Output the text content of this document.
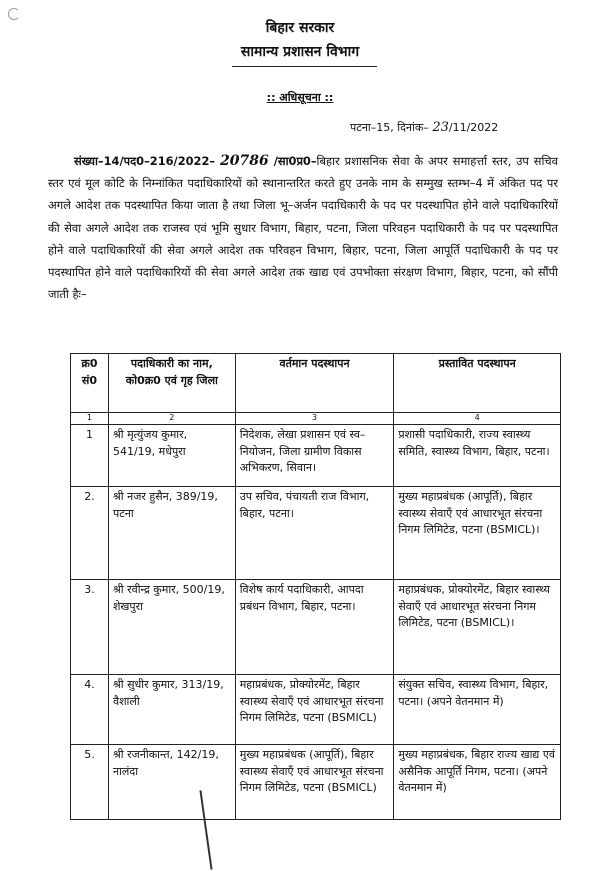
बिहार सरकार
सामान्य प्रशासन विभाग
:: अधिसूचना ::
पटना–15, दिनांक– 23/11/2022
संख्या–14/पद0–216/2022– 20786 /सा0प्र0–बिहार प्रशासनिक सेवा के अपर समाहर्त्ता स्तर, उप सचिव स्तर एवं मूल कोटि के निम्नांकित पदाधिकारियों को स्थानान्तरित करते हुए उनके नाम के सम्मुख स्तम्भ–4 में अंकित पद पर अगले आदेश तक पदस्थापित किया जाता है तथा जिला भू–अर्जन पदाधिकारी के पद पर पदस्थापित होने वाले पदाधिकारियों की सेवा अगले आदेश तक राजस्व एवं भूमि सुधार विभाग, बिहार, पटना, जिला परिवहन पदाधिकारी के पद पर पदस्थापित होने वाले पदाधिकारियों की सेवा अगले आदेश तक परिवहन विभाग, बिहार, पटना, जिला आपूर्ति पदाधिकारी के पद पर पदस्थापित होने वाले पदाधिकारियों की सेवा अगले आदेश तक खाद्य एवं उपभोक्ता संरक्षण विभाग, बिहार, पटना, को सौंपी जाती हैः–
क्र0 सं0	पदाधिकारी का नाम, को0क्र0 एवं गृह जिला	वर्तमान पदस्थापन	प्रस्तावित पदस्थापन
1	2	3	4
1	श्री मृत्युंजय कुमार, 541/19, मधेपुरा	निदेशक, लेखा प्रशासन एवं स्व–नियोजन, जिला ग्रामीण विकास अभिकरण, सिवान।	प्रशासी पदाधिकारी, राज्य स्वास्थ्य समिति, स्वास्थ्य विभाग, बिहार, पटना।
2.	श्री नजर हुसैन, 389/19, पटना	उप सचिव, पंचायती राज विभाग, बिहार, पटना।	मुख्य महाप्रबंधक (आपूर्ति), बिहार स्वास्थ्य सेवाएँ एवं आधारभूत संरचना निगम लिमिटेड, पटना (BSMICL)।
3.	श्री रवीन्द्र कुमार, 500/19, शेखपुरा	विशेष कार्य पदाधिकारी, आपदा प्रबंधन विभाग, बिहार, पटना।	महाप्रबंधक, प्रोक्योरमेंट, बिहार स्वास्थ्य सेवाएँ एवं आधारभूत संरचना निगम लिमिटेड, पटना (BSMICL)।
4.	श्री सुधीर कुमार, 313/19, वैशाली	महाप्रबंधक, प्रोक्योरमेंट, बिहार स्वास्थ्य सेवाएँ एवं आधारभूत संरचना निगम लिमिटेड, पटना (BSMICL)	संयुक्त सचिव, स्वास्थ्य विभाग, बिहार, पटना। (अपने वेतनमान में)
5.	श्री रजनीकान्त, 142/19, नालंदा	मुख्य महाप्रबंधक (आपूर्ति), बिहार स्वास्थ्य सेवाएँ एवं आधारभूत संरचना निगम लिमिटेड, पटना (BSMICL)	मुख्य महाप्रबंधक, बिहार राज्य खाद्य एवं असैनिक आपूर्ति निगम, पटना। (अपने वेतनमान में)
